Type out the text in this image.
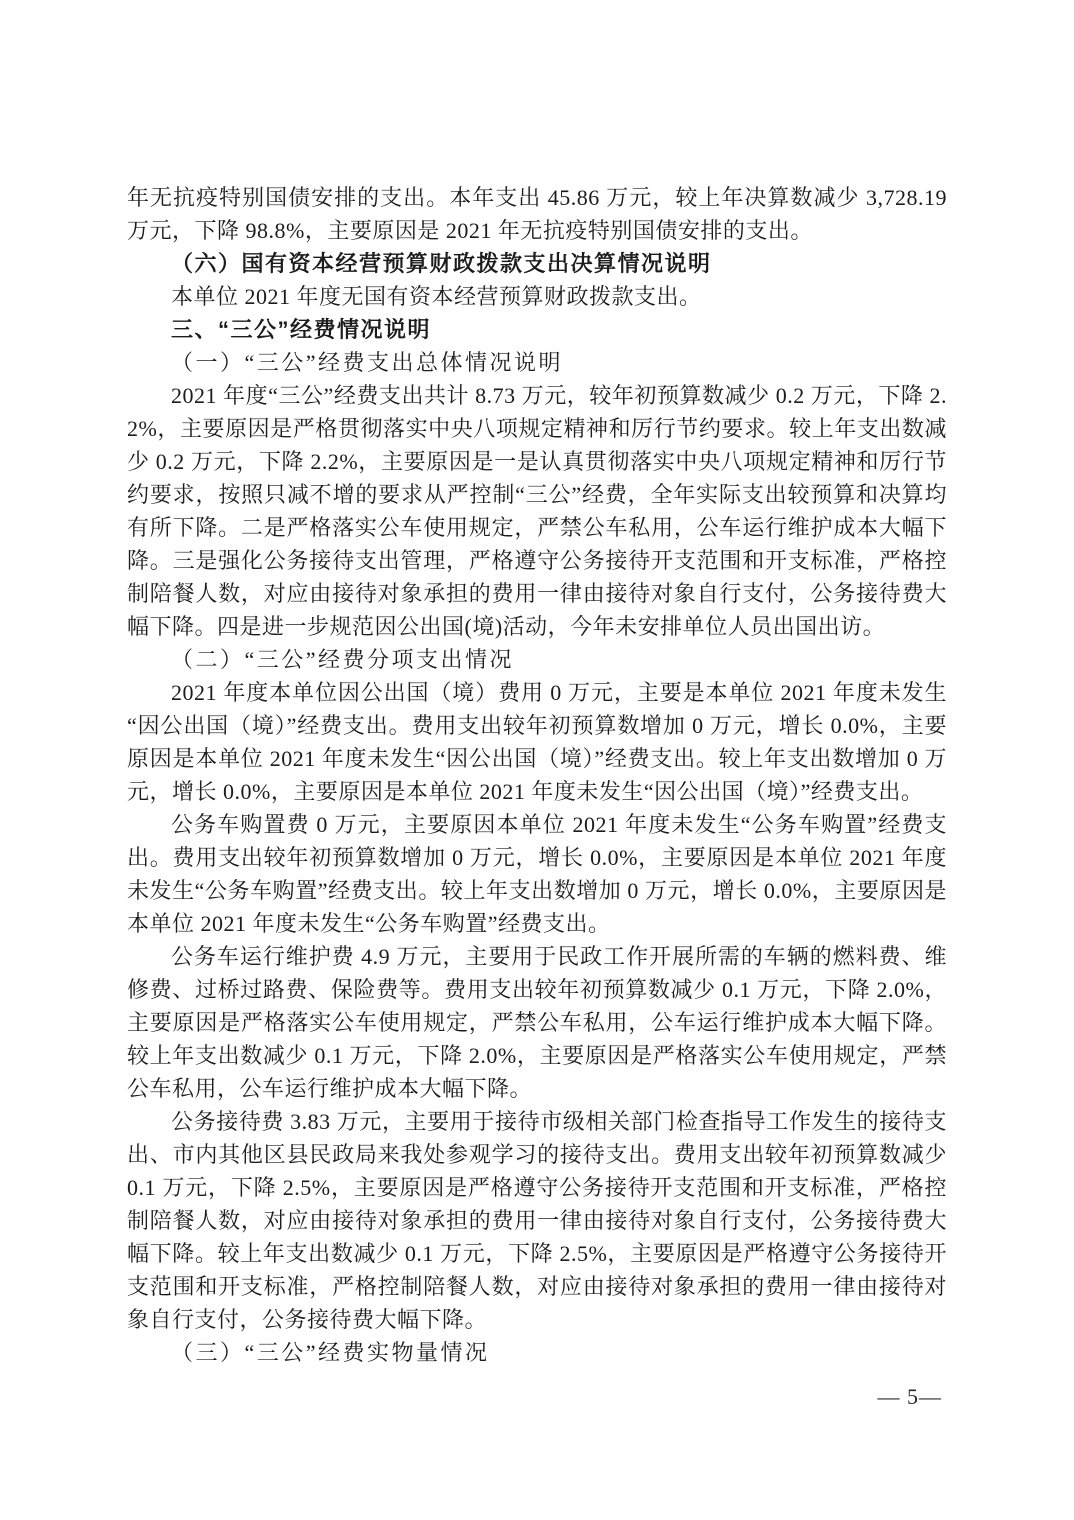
年无抗疫特别国债安排的支出。本年支出 45.86 万元，较上年决算数减少 3,728.19 万元，下降 98.8%，主要原因是 2021 年无抗疫特别国债安排的支出。

（六）国有资本经营预算财政拨款支出决算情况说明

本单位 2021 年度无国有资本经营预算财政拨款支出。

三、“三公”经费情况说明

（一）“三公”经费支出总体情况说明

2021 年度“三公”经费支出共计 8.73 万元，较年初预算数减少 0.2 万元，下降 2.2%，主要原因是严格贯彻落实中央八项规定精神和厉行节约要求。较上年支出数减少 0.2 万元，下降 2.2%，主要原因是一是认真贯彻落实中央八项规定精神和厉行节约要求，按照只减不增的要求从严控制“三公”经费，全年实际支出较预算和决算均有所下降。二是严格落实公车使用规定，严禁公车私用，公车运行维护成本大幅下降。三是强化公务接待支出管理，严格遵守公务接待开支范围和开支标准，严格控制陪餐人数，对应由接待对象承担的费用一律由接待对象自行支付，公务接待费大幅下降。四是进一步规范因公出国(境)活动，今年未安排单位人员出国出访。

（二）“三公”经费分项支出情况

2021 年度本单位因公出国（境）费用 0 万元，主要是本单位 2021 年度未发生“因公出国（境）”经费支出。费用支出较年初预算数增加 0 万元，增长 0.0%，主要原因是本单位 2021 年度未发生“因公出国（境）”经费支出。较上年支出数增加 0 万元，增长 0.0%，主要原因是本单位 2021 年度未发生“因公出国（境）”经费支出。

公务车购置费 0 万元，主要原因本单位 2021 年度未发生“公务车购置”经费支出。费用支出较年初预算数增加 0 万元，增长 0.0%，主要原因是本单位 2021 年度未发生“公务车购置”经费支出。较上年支出数增加 0 万元，增长 0.0%，主要原因是本单位 2021 年度未发生“公务车购置”经费支出。

公务车运行维护费 4.9 万元，主要用于民政工作开展所需的车辆的燃料费、维修费、过桥过路费、保险费等。费用支出较年初预算数减少 0.1 万元，下降 2.0%，主要原因是严格落实公车使用规定，严禁公车私用，公车运行维护成本大幅下降。较上年支出数减少 0.1 万元，下降 2.0%，主要原因是严格落实公车使用规定，严禁公车私用，公车运行维护成本大幅下降。

公务接待费 3.83 万元，主要用于接待市级相关部门检查指导工作发生的接待支出、市内其他区县民政局来我处参观学习的接待支出。费用支出较年初预算数减少 0.1 万元，下降 2.5%，主要原因是严格遵守公务接待开支范围和开支标准，严格控制陪餐人数，对应由接待对象承担的费用一律由接待对象自行支付，公务接待费大幅下降。较上年支出数减少 0.1 万元，下降 2.5%，主要原因是严格遵守公务接待开支范围和开支标准，严格控制陪餐人数，对应由接待对象承担的费用一律由接待对象自行支付，公务接待费大幅下降。

（三）“三公”经费实物量情况

— 5—
